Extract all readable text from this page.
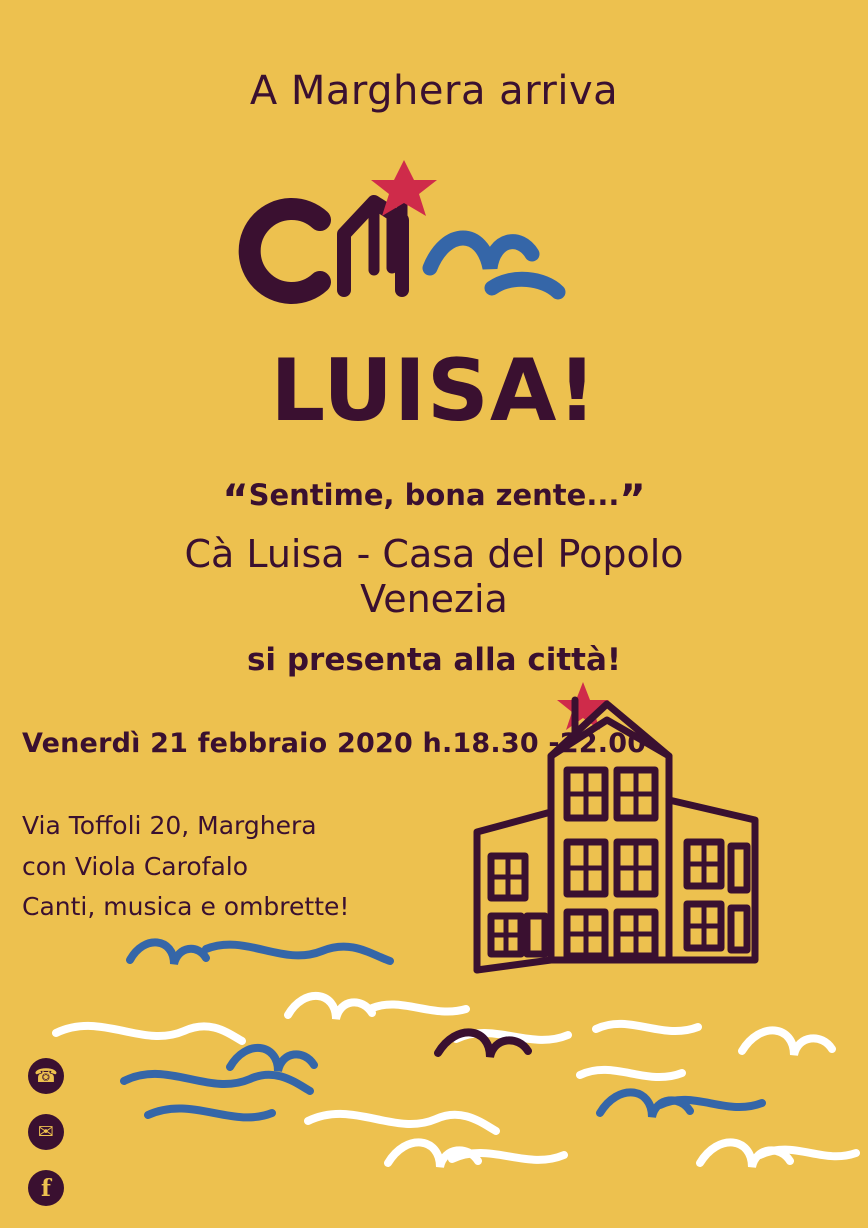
A Marghera arriva
LUISA!
“Sentime, bona zente...”
Cà Luisa - Casa del Popolo
Venezia
si presenta alla città!
Venerdì 21 febbraio 2020 h.18.30 -22.00
Via Toffoli 20, Marghera
con Viola Carofalo
Canti, musica e ombrette!
☎
✉
f
